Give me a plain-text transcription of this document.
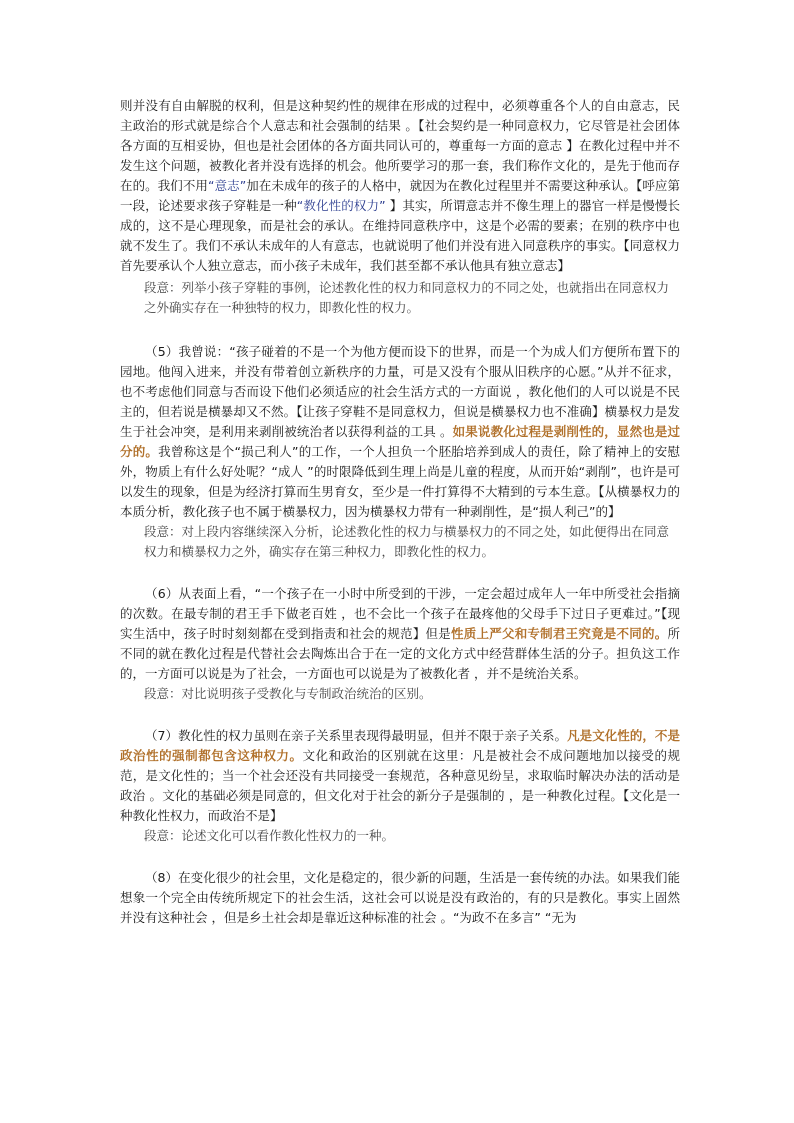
则并没有自由解脱的权利，但是这种契约性的规律在形成的过程中，必须尊重各个人的自由意志，民主政治的形式就是综合个人意志和社会强制的结果 。【社会契约是一种同意权力，它尽管是社会团体各方面的互相妥协，但也是社会团体的各方面共同认可的，尊重每一方面的意志 】在教化过程中并不发生这个问题，被教化者并没有选择的机会。他所要学习的那一套，我们称作文化的，是先于他而存在的。我们不用“意志”加在未成年的孩子的人格中，就因为在教化过程里并不需要这种承认。【呼应第一段，论述要求孩子穿鞋是一种“教化性的权力” 】其实，所谓意志并不像生理上的器官一样是慢慢长成的，这不是心理现象，而是社会的承认。在维持同意秩序中，这是个必需的要素；在别的秩序中也就不发生了。我们不承认未成年的人有意志，也就说明了他们并没有进入同意秩序的事实。【同意权力首先要承认个人独立意志，而小孩子未成年，我们甚至都不承认他具有独立意志】

段意：列举小孩子穿鞋的事例，论述教化性的权力和同意权力的不同之处，也就指出在同意权力之外确实存在一种独特的权力，即教化性的权力。

（5）我曾说：“孩子碰着的不是一个为他方便而设下的世界，而是一个为成人们方便所布置下的园地。他闯入进来，并没有带着创立新秩序的力量，可是又没有个服从旧秩序的心愿。”从并不征求，也不考虑他们同意与否而设下他们必须适应的社会生活方式的一方面说 ，教化他们的人可以说是不民主的，但若说是横暴却又不然。【让孩子穿鞋不是同意权力，但说是横暴权力也不准确】横暴权力是发生于社会冲突，是利用来剥削被统治者以获得利益的工具 。如果说教化过程是剥削性的，显然也是过分的。我曾称这是个“损己利人”的工作，一个人担负一个胚胎培养到成人的责任，除了精神上的安慰外，物质上有什么好处呢？“成人 ”的时限降低到生理上尚是儿童的程度，从而开始“剥削”，也许是可以发生的现象，但是为经济打算而生男育女，至少是一件打算得不大精到的亏本生意。【从横暴权力的本质分析，教化孩子也不属于横暴权力，因为横暴权力带有一种剥削性，是“损人利己”的】

段意：对上段内容继续深入分析，论述教化性的权力与横暴权力的不同之处，如此便得出在同意权力和横暴权力之外，确实存在第三种权力，即教化性的权力。

（6）从表面上看，“一个孩子在一小时中所受到的干涉，一定会超过成年人一年中所受社会指摘的次数。在最专制的君王手下做老百姓 ，也不会比一个孩子在最疼他的父母手下过日子更难过。”【现实生活中，孩子时时刻刻都在受到指责和社会的规范】但是性质上严父和专制君王究竟是不同的。所不同的就在教化过程是代替社会去陶炼出合于在一定的文化方式中经营群体生活的分子。担负这工作的，一方面可以说是为了社会，一方面也可以说是为了被教化者 ，并不是统治关系。

段意：对比说明孩子受教化与专制政治统治的区别。

（7）教化性的权力虽则在亲子关系里表现得最明显，但并不限于亲子关系。凡是文化性的，不是政治性的强制都包含这种权力。文化和政治的区别就在这里：凡是被社会不成问题地加以接受的规范，是文化性的；当一个社会还没有共同接受一套规范，各种意见纷呈，求取临时解决办法的活动是政治 。文化的基础必须是同意的，但文化对于社会的新分子是强制的 ，是一种教化过程。【文化是一种教化性权力，而政治不是】

段意：论述文化可以看作教化性权力的一种。

（8）在变化很少的社会里，文化是稳定的，很少新的问题，生活是一套传统的办法。如果我们能想象一个完全由传统所规定下的社会生活，这社会可以说是没有政治的，有的只是教化。事实上固然并没有这种社会 ，但是乡土社会却是靠近这种标准的社会 。“为政不在多言” “无为
